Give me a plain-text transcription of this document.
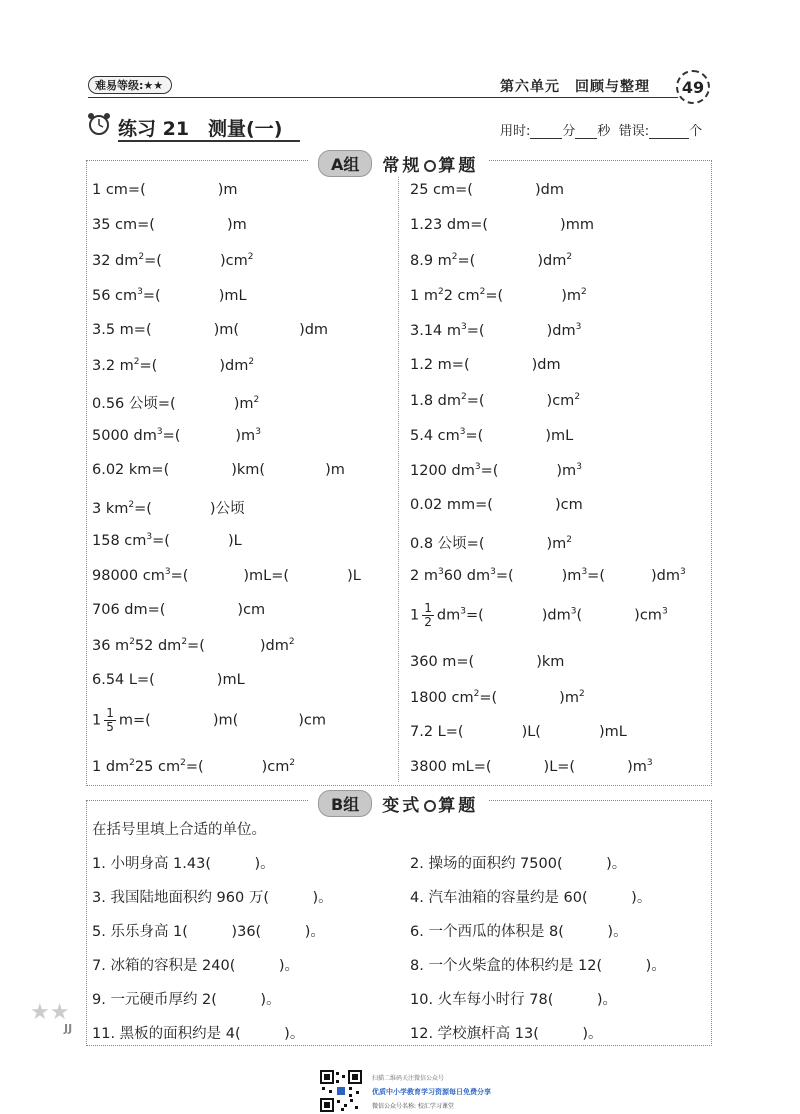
难易等级:★★	第六单元　回顾与整理	49
练习 21　测量(一)	用时: 分 秒 错误:	个
A组	常规 算题
1 cm=(	)m
35 cm=(	)m
32 $dm^2=$(	)$cm^2$
56 $cm^3=$(	)mL
3.5 m=(	)m(	)dm
3.2 $m^2=$(	)$dm^2$
0.56 公顷=(	)$m^2$
5000 $dm^3=$(	)$m^3$
6.02 km=(	)km(	)m
3 $km^2=$(	)公顷
158 $cm^3=$(	)L
98000 $cm^3=$(	)mL=(	)L
706 dm=(	)cm
36 $m^252$ $dm^2=$(	)$dm^2$
6.54 L=(	)mL
$1 \frac{1}{5} m=$(	)m(	)cm
1 $dm^225$ $cm^2=$(	)$cm^2$
25 cm=(	)dm
1.23 dm=(	)mm
8.9 $m^2=$(	)$dm^2$
1 $m^22$ $cm^2=$(	)$m^2$
3.14 $m^3=$(	)$dm^3$
1.2 m=(	)dm
1.8 $dm^2=$(	)$cm^2$
5.4 $cm^3=$(	)mL
1200 $dm^3=$(	)$m^3$
0.02 mm=(	)cm
0.8 公顷=(	)$m^2$
2 $m^360$ $dm^3=$(	)$m^3=$(	)$dm^3$
$1 \frac{1}{2} dm^3=$(	)$dm^3$(	)$cm^3$
360 m=(	)km
1800 $cm^2=$(	)$m^2$
7.2 L=(	)L(	)mL
3800 mL=(	)L=(	)$m^3$
B组	变式 算题
在括号里填上合适的单位。
1. 小明身高 1.43(　　　)。	2. 操场的面积约 7500(　　　)。
3. 我国陆地面积约 960 万(　　　)。	4. 汽车油箱的容量约是 60(　　　)。
5. 乐乐身高 1(　　　)36(　　　)。	6. 一个西瓜的体积是 8(　　　)。
7. 冰箱的容积是 240(　　　)。	8. 一个火柴盒的体积约是 12(　　　)。
9. 一元硬币厚约 2(　　　)。	10. 火车每小时行 78(　　　)。
11. 黑板的面积约是 4(　　　)。	12. 学校旗杆高 13(　　　)。
★★
JJ
扫描二维码关注微信公众号
优质中小学教育学习资源每日免费分享
微信公众号名称: 校汇学习课堂
